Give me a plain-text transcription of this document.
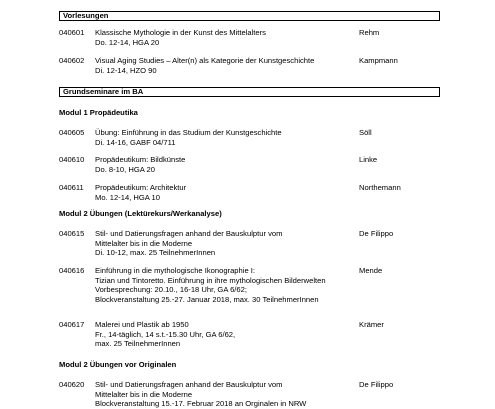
Vorlesungen
040601 Klassische Mythologie in der Kunst des Mittelalters
Do. 12-14, HGA 20
Rehm
040602 Visual Aging Studies – Alter(n) als Kategorie der Kunstgeschichte
Di. 12-14, HZO 90
Kampmann
Grundseminare im BA
Modul 1 Propädeutika
040605 Übung: Einführung in das Studium der Kunstgeschichte
Di. 14-16, GABF 04/711
Söll
040610 Propädeutikum: Bildkünste
Do. 8-10, HGA 20
Linke
040611 Propädeutikum: Architektur
Mo. 12-14, HGA 10
Northemann
Modul 2 Übungen (Lektürekurs/Werkanalyse)
040615 Stil- und Datierungsfragen anhand der Bauskulptur vom
Mittelalter bis in die Moderne
Di. 10-12, max. 25 TeilnehmerInnen
De Filippo
040616 Einführung in die mythologische Ikonographie I:
Tizian und Tintoretto. Einführung in ihre mythologischen Bilderwelten
Vorbesprechung: 20.10., 16-18 Uhr, GA 6/62;
Blockveranstaltung 25.-27. Januar 2018, max. 30 TeilnehmerInnen
Mende
040617 Malerei und Plastik ab 1950
Fr., 14-täglich, 14 s.t.-15.30 Uhr, GA 6/62,
max. 25 TeilnehmerInnen
Krämer
Modul 2 Übungen vor Originalen
040620 Stil- und Datierungsfragen anhand der Bauskulptur vom
Mittelalter bis in die Moderne
Blockveranstaltung 15.-17. Februar 2018 an Orginalen in NRW
De Filippo
